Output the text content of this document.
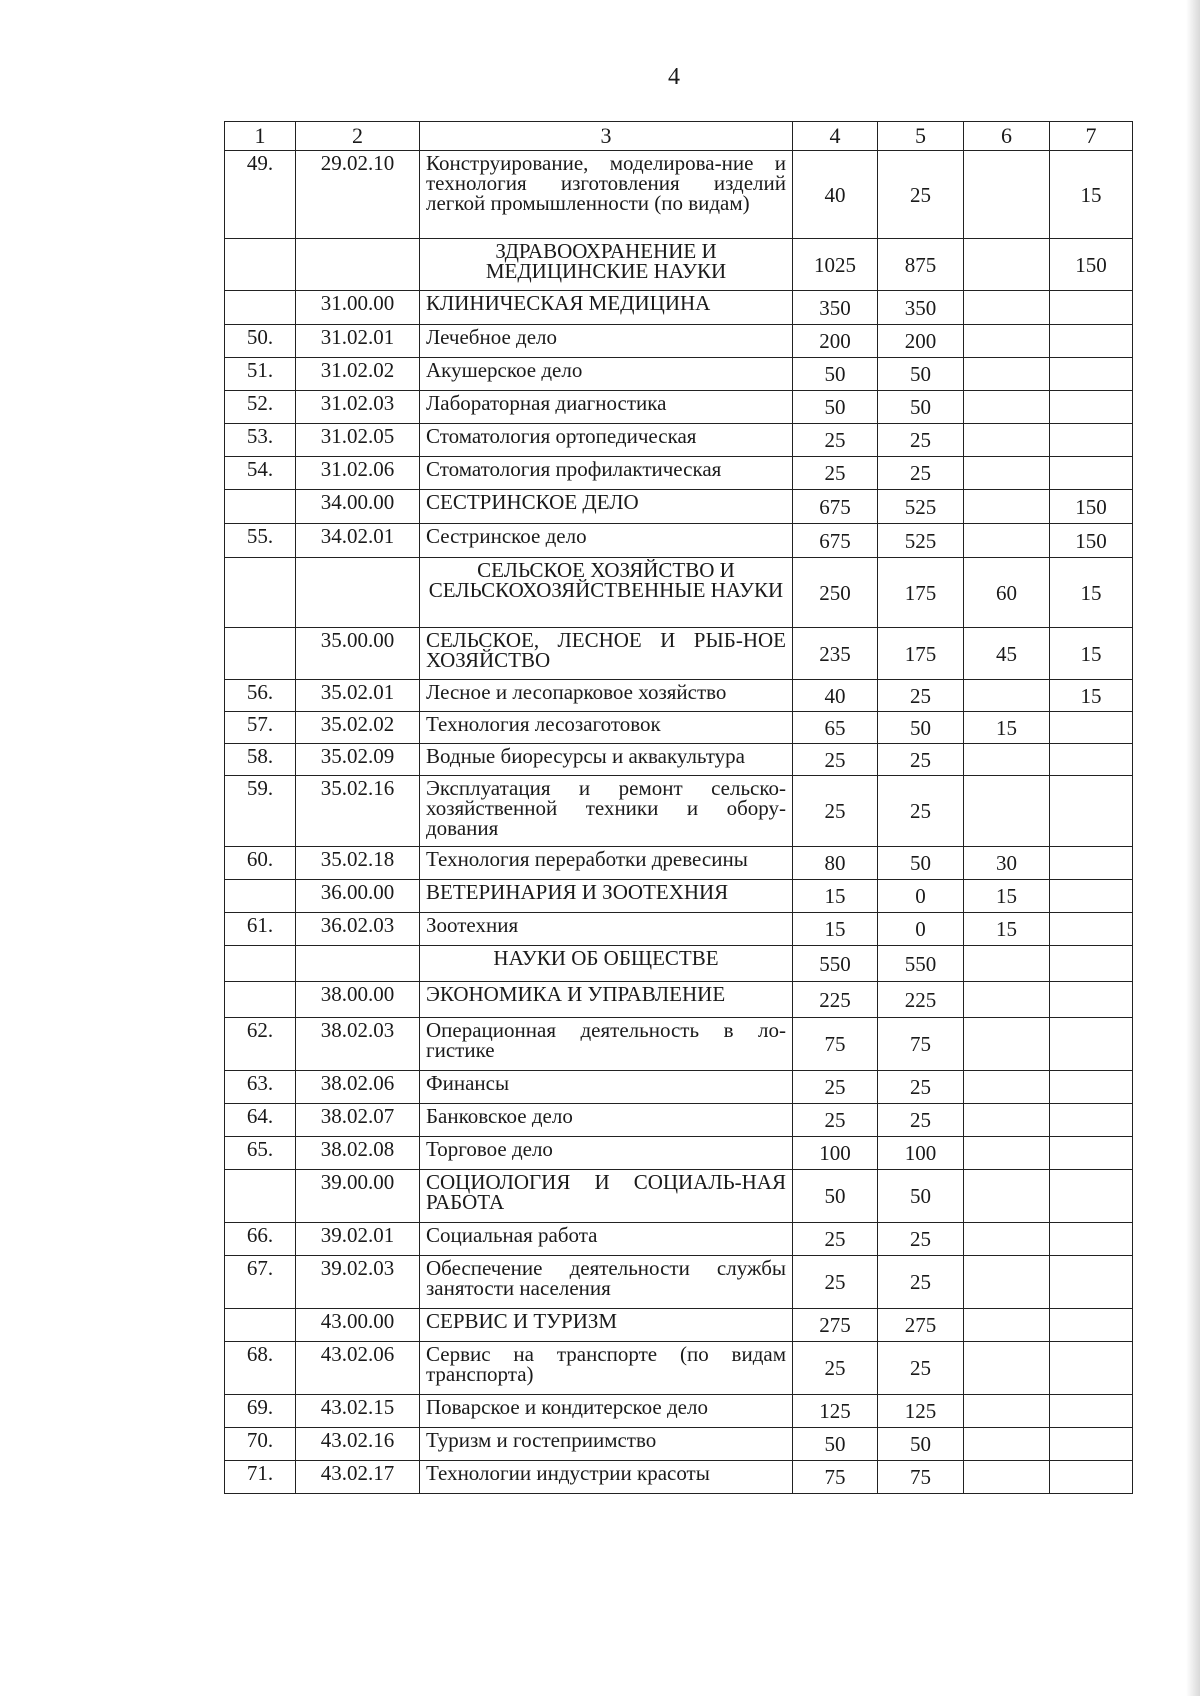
4
1	2	3	4	5	6	7
49.	29.02.10	Конструирование, моделирова-ние и технология изготовления изделий легкой промышленности (по видам)	40	25		15
		ЗДРАВООХРАНЕНИЕ И МЕДИЦИНСКИЕ НАУКИ	1025	875		150
	31.00.00	КЛИНИЧЕСКАЯ МЕДИЦИНА	350	350		
50.	31.02.01	Лечебное дело	200	200		
51.	31.02.02	Акушерское дело	50	50		
52.	31.02.03	Лабораторная диагностика	50	50		
53.	31.02.05	Стоматология ортопедическая	25	25		
54.	31.02.06	Стоматология профилактическая	25	25		
	34.00.00	СЕСТРИНСКОЕ ДЕЛО	675	525		150
55.	34.02.01	Сестринское дело	675	525		150
		СЕЛЬСКОЕ ХОЗЯЙСТВО И СЕЛЬСКОХОЗЯЙСТВЕННЫЕ НАУКИ	250	175	60	15
	35.00.00	СЕЛЬСКОЕ, ЛЕСНОЕ И РЫБ-НОЕ ХОЗЯЙСТВО	235	175	45	15
56.	35.02.01	Лесное и лесопарковое хозяйство	40	25		15
57.	35.02.02	Технология лесозаготовок	65	50	15	
58.	35.02.09	Водные биоресурсы и аквакультура	25	25		
59.	35.02.16	Эксплуатация и ремонт сельско-хозяйственной техники и обору-дования	25	25		
60.	35.02.18	Технология переработки древесины	80	50	30	
	36.00.00	ВЕТЕРИНАРИЯ И ЗООТЕХНИЯ	15	0	15	
61.	36.02.03	Зоотехния	15	0	15	
		НАУКИ ОБ ОБЩЕСТВЕ	550	550		
	38.00.00	ЭКОНОМИКА И УПРАВЛЕНИЕ	225	225		
62.	38.02.03	Операционная деятельность в ло-гистике	75	75		
63.	38.02.06	Финансы	25	25		
64.	38.02.07	Банковское дело	25	25		
65.	38.02.08	Торговое дело	100	100		
	39.00.00	СОЦИОЛОГИЯ И СОЦИАЛЬ-НАЯ РАБОТА	50	50		
66.	39.02.01	Социальная работа	25	25		
67.	39.02.03	Обеспечение деятельности службы занятости населения	25	25		
	43.00.00	СЕРВИС И ТУРИЗМ	275	275		
68.	43.02.06	Сервис на транспорте (по видам транспорта)	25	25		
69.	43.02.15	Поварское и кондитерское дело	125	125		
70.	43.02.16	Туризм и гостеприимство	50	50		
71.	43.02.17	Технологии индустрии красоты	75	75		
